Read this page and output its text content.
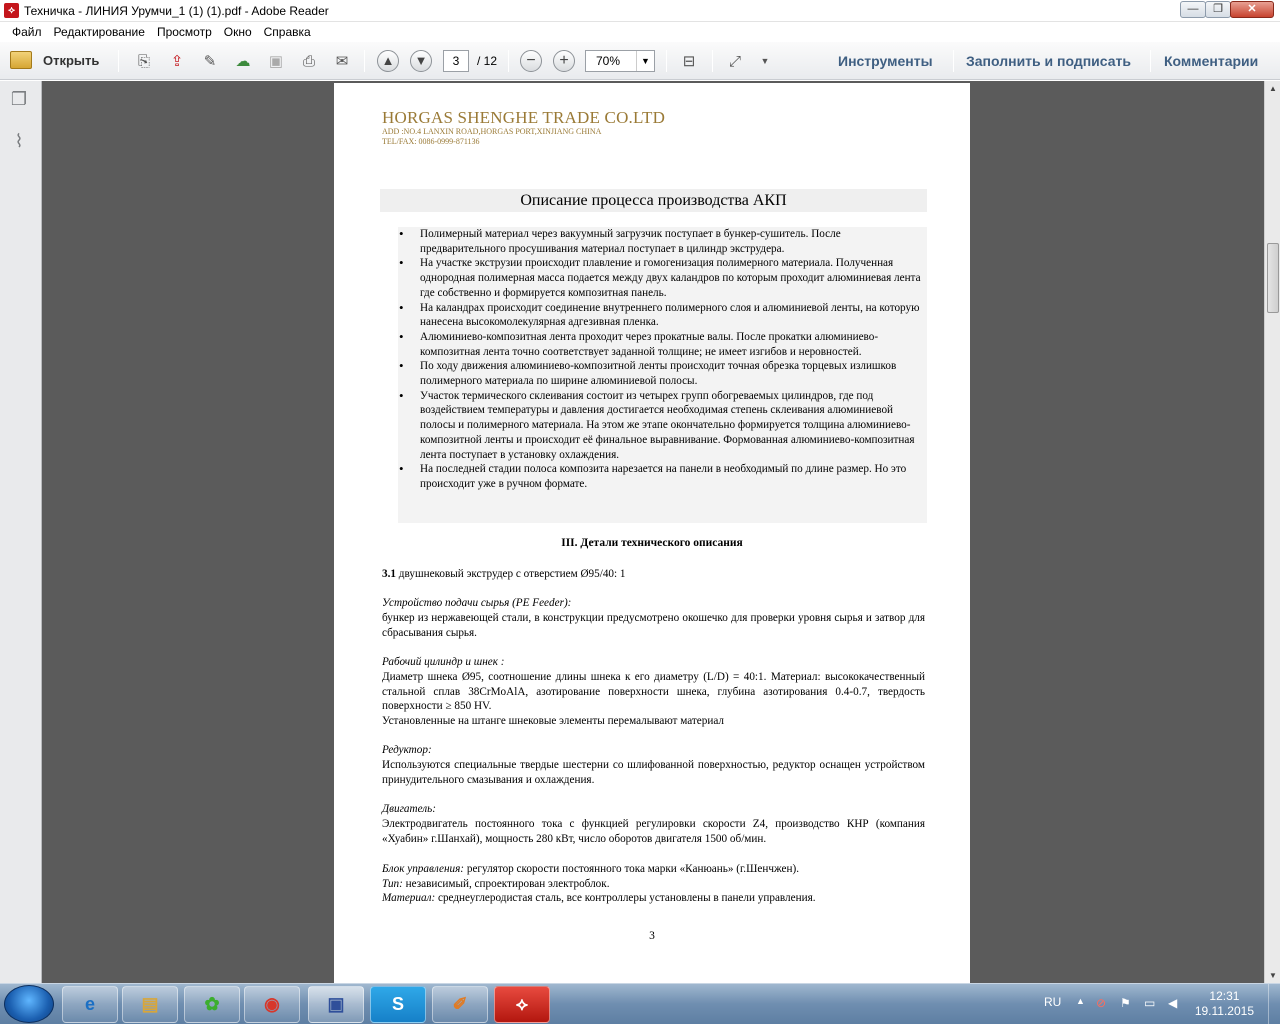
⟡ Техничка - ЛИНИЯ Урумчи_1 (1) (1).pdf - Adobe Reader	—	❐	✕
Файл	Редактирование	Просмотр	Окно	Справка
Открыть	⎘	⇪	✎	☁ ▣	⎙	✉	▲	▼	3	/ 12	−	+	70%	▼	⊟	⤢	▼	Инструменты Заполнить и подписать Комментарии
❐
⌇
▲
▼
HORGAS SHENGHE TRADE CO.LTD
ADD :NO.4 LANXIN ROAD,HORGAS PORT,XINJIANG CHINA
TEL/FAX: 0086-0999-871136
Описание процесса производства АКП
• Полимерный материал через вакуумный загрузчик поступает в бункер-сушитель. После предварительного просушивания материал поступает в цилиндр экструдера.
• На участке экструзии происходит плавление и гомогенизация полимерного материала. Полученная однородная полимерная масса подается между двух каландров по которым проходит алюминиевая лента где собственно и формируется композитная панель.
• На каландрах происходит соединение внутреннего полимерного слоя и алюминиевой ленты, на которую нанесена высокомолекулярная адгезивная пленка.
• Алюминиево-композитная лента проходит через прокатные валы. После прокатки алюминиево-композитная лента точно соответствует заданной толщине; не имеет изгибов и неровностей.
• По ходу движения алюминиево-композитной ленты происходит точная обрезка торцевых излишков полимерного материала по ширине алюминиевой полосы.
• Участок термического склеивания состоит из четырех групп обогреваемых цилиндров, где под воздействием температуры и давления достигается необходимая степень склеивания алюминиевой полосы и полимерного материала. На этом же этапе окончательно формируется толщина алюминиево-композитной ленты и происходит её финальное выравнивание. Формованная алюминиево-композитная лента поступает в установку охлаждения.
• На последней стадии полоса композита нарезается на панели в необходимый по длине размер. Но это происходит уже в ручном формате.
III. Детали технического описания
3.1 двушнековый экструдер с отверстием Ø95/40: 1
Устройство подачи сырья (PE Feeder):
бункер из нержавеющей стали, в конструкции предусмотрено окошечко для проверки уровня сырья и затвор для сбрасывания сырья.
Рабочий цилиндр и шнек :
Диаметр шнека Ø95, соотношение длины шнека к его диаметру (L/D) = 40:1. Материал: высококачественный стальной сплав 38CrMoAlA, азотирование поверхности шнека, глубина азотирования 0.4-0.7, твердость поверхности ≥ 850 HV.
Установленные на штанге шнековые элементы перемалывают материал
Редуктор:
Используются специальные твердые шестерни со шлифованной поверхностью, редуктор оснащен устройством принудительного смазывания и охлаждения.
Двигатель:
Электродвигатель постоянного тока с функцией регулировки скорости Z4, производство КНР (компания «Хуабин» г.Шанхай), мощность 280 кВт, число оборотов двигателя 1500 об/мин.
Блок управления: регулятор скорости постоянного тока марки «Канюань» (г.Шенчжен).
Тип: независимый, спроектирован электроблок.
Материал: среднеуглеродистая сталь, все контроллеры установлены в панели управления.
3
e	▤	✿	◉	▣	S	✐	⟡	RU ▲ ⊘ ⚑ ▭ ◀	12:31
19.11.2015
